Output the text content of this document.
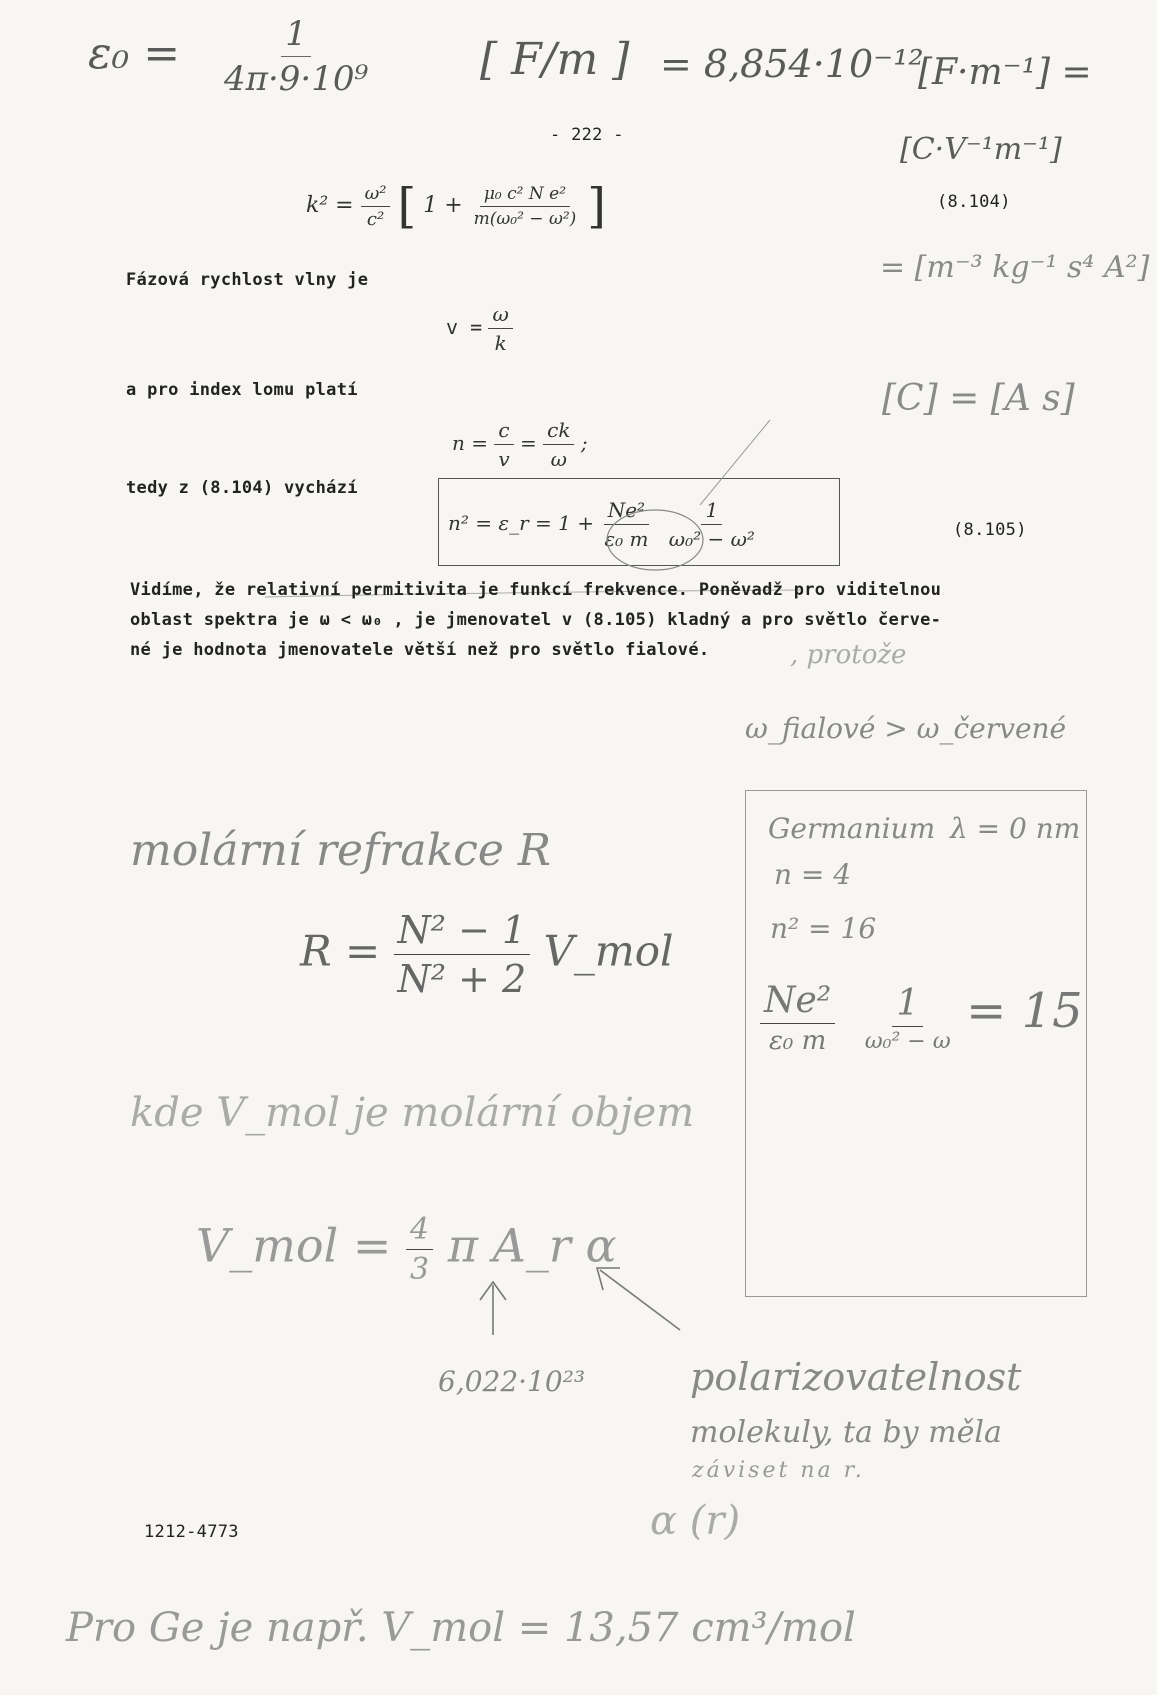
$\varepsilon_0 = \frac{1}{\text{4π·9·10⁹}}$ [ F/m ] = 8,854·10⁻¹²
[F·m⁻¹] =
[C·V⁻¹m⁻¹]
= [m⁻³ kg⁻¹ s⁴ A²]
[C] = [A s]
- 222 -
$k^2 = \frac{\text{ω²}}{\text{c²}}$ [ $1 + \frac{\text{μ₀ c² N e²}}{\text{m(ω₀² − ω²)}}$ ]	(8.104)
Fázová rychlost vlny je
$v = \frac{\omega}{k}$
a pro index lomu platí
$n = \frac{c}{v} = \frac{ck}{\omega}$ ;
tedy z (8.104) vychází
n² = ε_r = $1 + \frac{\text{Ne²}}{\text{ε₀ m}}$
$\frac{1}{\text{ω₀² − ω²}}$	(8.105)
Vidíme, že relativní permitivita je funkcí frekvence. Poněvadž pro viditelnou
oblast spektra je ω < ω₀ , je jmenovatel v (8.105) kladný a pro světlo červe-
né je hodnota jmenovatele větší než pro světlo fialové.	, protože
ω_fialové > ω_červené
molární refrakce R
$R = \frac{\text{N² − 1}}{\text{N² + 2}}$ V_mol
kde V_mol je molární objem
V_mol = $\frac{4}{3}$ π A_r α
6,022·10²³	polarizovatelnost
molekuly, ta by měla
záviset na r.
α (r)
1212-4773
Germanium λ = 0 nm
n = 4
n² = 16
$\frac{\text{Ne²}}{\text{ε₀ m}}$
$\frac{1}{\text{ω₀² − ω}} = 15$
Pro Ge je např. V_mol = 13,57 cm³/mol
